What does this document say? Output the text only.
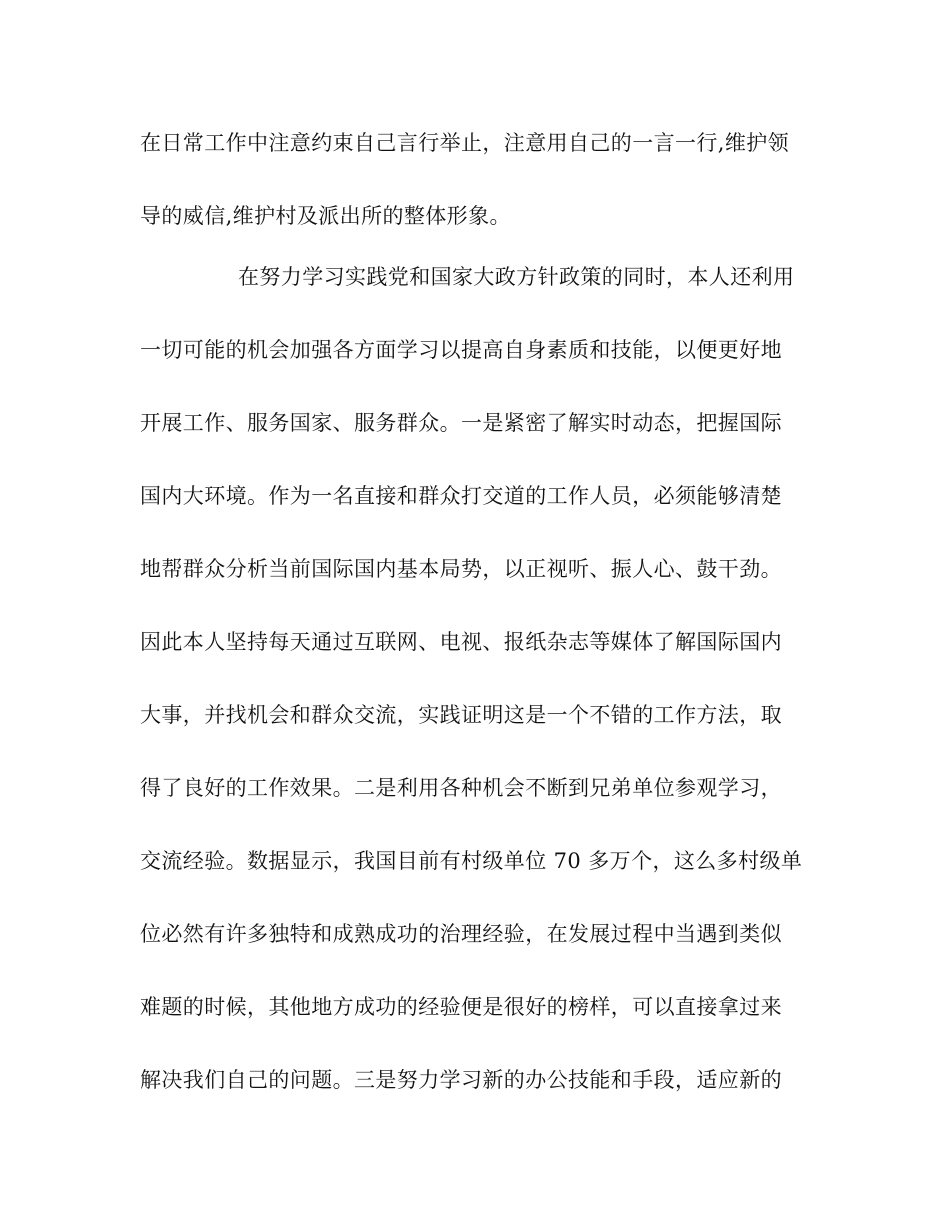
在日常工作中注意约束自己言行举止，注意用自己的一言一行,维护领
导的威信,维护村及派出所的整体形象。
在努力学习实践党和国家大政方针政策的同时，本人还利用
一切可能的机会加强各方面学习以提高自身素质和技能，以便更好地
开展工作、服务国家、服务群众。一是紧密了解实时动态，把握国际
国内大环境。作为一名直接和群众打交道的工作人员，必须能够清楚
地帮群众分析当前国际国内基本局势，以正视听、振人心、鼓干劲。
因此本人坚持每天通过互联网、电视、报纸杂志等媒体了解国际国内
大事，并找机会和群众交流，实践证明这是一个不错的工作方法，取
得了良好的工作效果。二是利用各种机会不断到兄弟单位参观学习，
交流经验。数据显示，我国目前有村级单位 70 多万个，这么多村级单
位必然有许多独特和成熟成功的治理经验，在发展过程中当遇到类似
难题的时候，其他地方成功的经验便是很好的榜样，可以直接拿过来
解决我们自己的问题。三是努力学习新的办公技能和手段，适应新的
